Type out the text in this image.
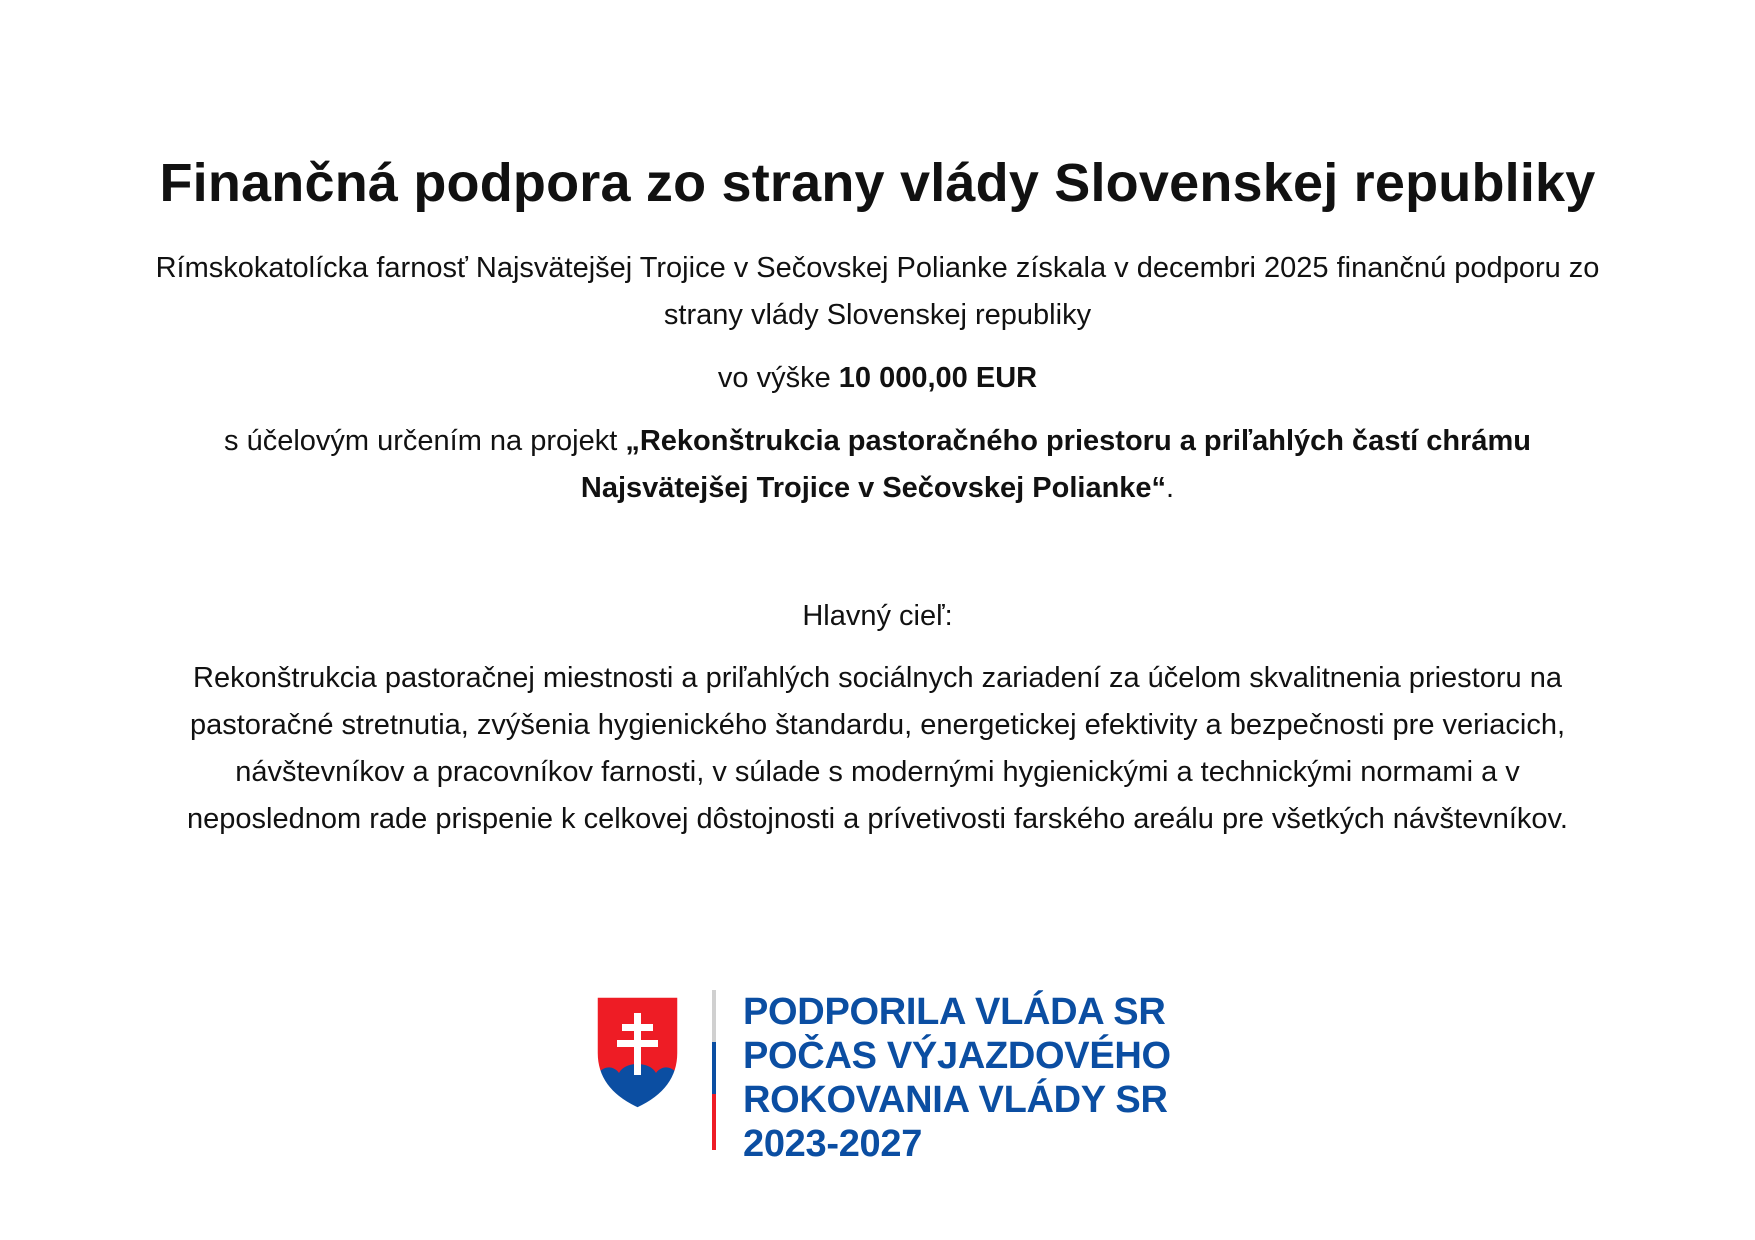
Finančná podpora zo strany vlády Slovenskej republiky

Rímskokatolícka farnosť Najsvätejšej Trojice v Sečovskej Polianke získala v decembri 2025 finančnú podporu zo strany vlády Slovenskej republiky

vo výške 10 000,00 EUR

s účelovým určením na projekt „Rekonštrukcia pastoračného priestoru a priľahlých častí chrámu Najsvätejšej Trojice v Sečovskej Polianke“.

Hlavný cieľ:

Rekonštrukcia pastoračnej miestnosti a priľahlých sociálnych zariadení za účelom skvalitnenia priestoru na pastoračné stretnutia, zvýšenia hygienického štandardu, energetickej efektivity a bezpečnosti pre veriacich, návštevníkov a pracovníkov farnosti, v súlade s modernými hygienickými a technickými normami a v neposlednom rade prispenie k celkovej dôstojnosti a prívetivosti farského areálu pre všetkých návštevníkov.

PODPORILA VLÁDA SR
POČAS VÝJAZDOVÉHO
ROKOVANIA VLÁDY SR
2023-2027
